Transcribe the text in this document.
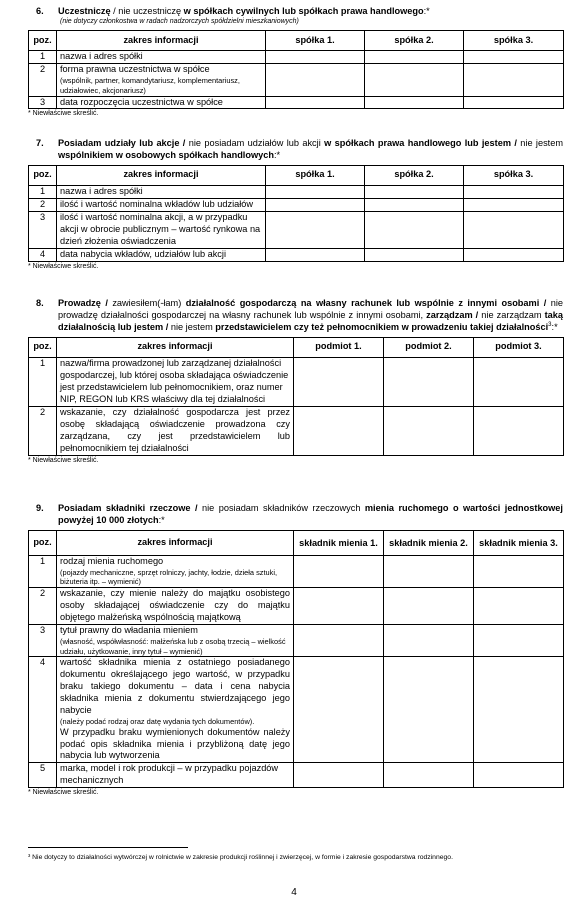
6. Uczestniczę / nie uczestniczę w spółkach cywilnych lub spółkach prawa handlowego:*
(nie dotyczy członkostwa w radach nadzorczych spółdzielni mieszkaniowych)
poz.	zakres informacji	spółka 1.	spółka 2.	spółka 3.
1	nazwa i adres spółki			
2	forma prawna uczestnictwa w spółce
(wspólnik, partner, komandytariusz, komplementariusz, udziałowiec, akcjonariusz)			

3	data rozpoczęcia uczestnictwa w spółce			
* Niewłaściwe skreślić.
7. Posiadam udziały lub akcje / nie posiadam udziałów lub akcji w spółkach prawa handlowego lub jestem / nie jestem wspólnikiem w osobowych spółkach handlowych:*
poz.	zakres informacji	spółka 1.	spółka 2.	spółka 3.
1	nazwa i adres spółki			
2	ilość i wartość nominalna wkładów lub udziałów			
3	ilość i wartość nominalna akcji, a w przypadku akcji w obrocie publicznym – wartość rynkowa na dzień złożenia oświadczenia			
4	data nabycia wkładów, udziałów lub akcji			
* Niewłaściwe skreślić.
8. Prowadzę / zawiesiłem(-łam) działalność gospodarczą na własny rachunek lub wspólnie z innymi osobami / nie prowadzę działalności gospodarczej na własny rachunek lub wspólnie z innymi osobami, zarządzam / nie zarządzam taką działalnością lub jestem / nie jestem przedstawicielem czy też pełnomocnikiem w prowadzeniu takiej działalności$^3$:*
poz.	zakres informacji	podmiot 1.	podmiot 2.	podmiot 3.
1	nazwa/firma prowadzonej lub zarządzanej działalności gospodarczej, lub której osoba składająca oświadczenie jest przedstawicielem lub pełnomocnikiem, oraz numer NIP, REGON lub KRS właściwy dla tej działalności			
2	wskazanie, czy działalność gospodarcza jest przez osobę składającą oświadczenie prowadzona czy zarządzana, czy jest przedstawicielem lub pełnomocnikiem tej działalności			
* Niewłaściwe skreślić.
9. Posiadam składniki rzeczowe / nie posiadam składników rzeczowych mienia ruchomego o wartości jednostkowej powyżej 10 000 złotych:*
poz.	zakres informacji	składnik mienia 1.	składnik mienia 2.	składnik mienia 3.
1	rodzaj mienia ruchomego
(pojazdy mechaniczne, sprzęt rolniczy, jachty, łodzie, dzieła sztuki, biżuteria itp. – wymienić)			

2	wskazanie, czy mienie należy do majątku osobistego osoby składającej oświadczenie czy do majątku objętego małżeńską wspólnością majątkową			
3	tytuł prawny do władania mieniem
(własność, współwłasność: małżeńska lub z osobą trzecią – wielkość udziału, użytkowanie, inny tytuł – wymienić)			

4	wartość składnika mienia z ostatniego posiadanego dokumentu określającego jego wartość, w przypadku braku takiego dokumentu – data i cena nabycia składnika mienia z dokumentu stwierdzającego jego nabycie
(należy podać rodzaj oraz datę wydania tych dokumentów).
W przypadku braku wymienionych dokumentów należy podać opis składnika mienia i przybliżoną datę jego nabycia lub wytworzenia			

5	marka, model i rok produkcji – w przypadku pojazdów mechanicznych			
* Niewłaściwe skreślić.
³ Nie dotyczy to działalności wytwórczej w rolnictwie w zakresie produkcji roślinnej i zwierzęcej, w formie i zakresie gospodarstwa rodzinnego.
4
